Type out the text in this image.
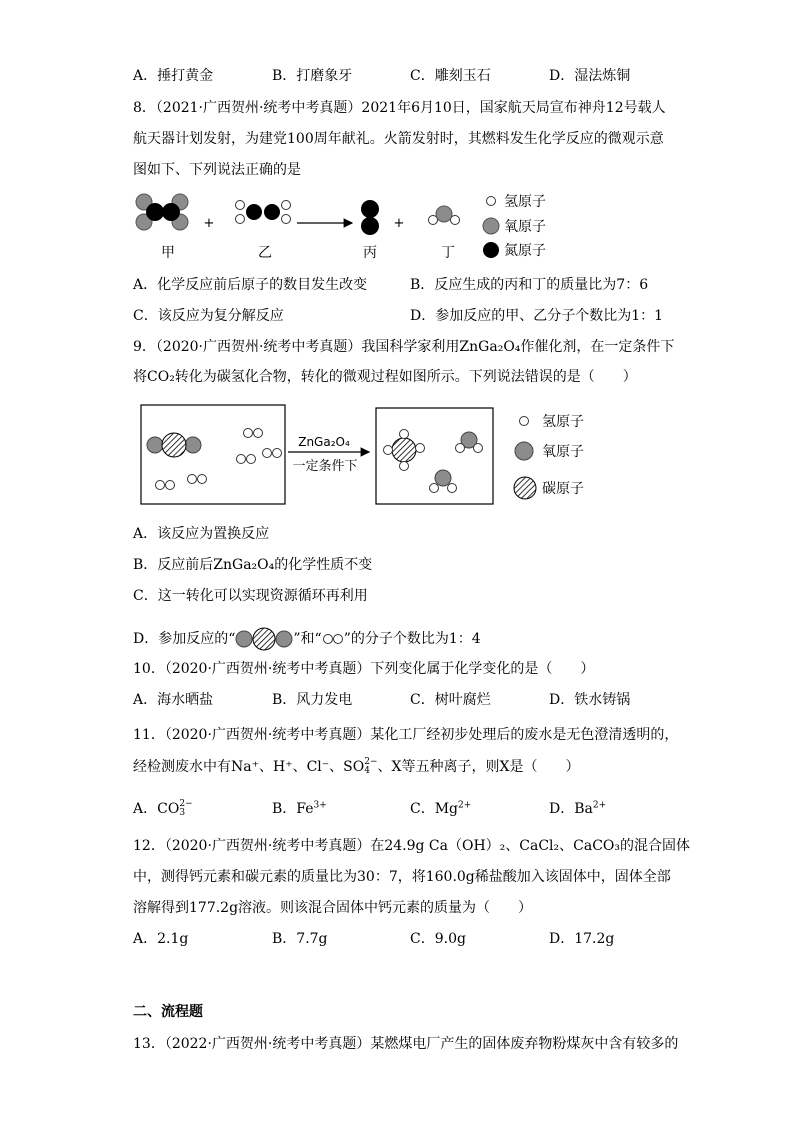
A．捶打黄金	B．打磨象牙	C．雕刻玉石	D．湿法炼铜
8．（2021·广西贺州·统考中考真题）2021年6月10日，国家航天局宣布神舟12号载人
航天器计划发射，为建党100周年献礼。火箭发射时，其燃料发生化学反应的微观示意
图如下、下列说法正确的是
甲
+
乙	丙
+
丁
氢原子
氧原子
氮原子
A．化学反应前后原子的数目发生改变	B．反应生成的丙和丁的质量比为7：6
C．该反应为复分解反应	D．参加反应的甲、乙分子个数比为1：1
9．（2020·广西贺州·统考中考真题）我国科学家利用ZnGa₂O₄作催化剂，在一定条件下
将CO₂转化为碳氢化合物，转化的微观过程如图所示。下列说法错误的是（　　）
ZnGa₂O₄
一定条件下
氢原子
氧原子
碳原子
A．该反应为置换反应
B．反应前后ZnGa₂O₄的化学性质不变
C．这一转化可以实现资源循环再利用
D．参加反应的“	”和“ ”的分子个数比为1：4
10．（2020·广西贺州·统考中考真题）下列变化属于化学变化的是（　　）
A．海水晒盐	B．风力发电	C．树叶腐烂	D．铁水铸锅
11．（2020·广西贺州·统考中考真题）某化工厂经初步处理后的废水是无色澄清透明的，
经检测废水中有Na⁺、H⁺、Cl⁻、SO 2−
4 、X等五种离子，则X是（　　）
A．CO 2−
3	B．$Fe^{3+}$	C．$Mg^{2+}$	D．$Ba^{2+}$
12．（2020·广西贺州·统考中考真题）在24.9g Ca（OH）₂、CaCl₂、CaCO₃的混合固体
中，测得钙元素和碳元素的质量比为30：7，将160.0g稀盐酸加入该固体中，固体全部
溶解得到177.2g溶液。则该混合固体中钙元素的质量为（　　）
A．2.1g	B．7.7g	C．9.0g	D．17.2g
二、流程题
13．（2022·广西贺州·统考中考真题）某燃煤电厂产生的固体废弃物粉煤灰中含有较多的
